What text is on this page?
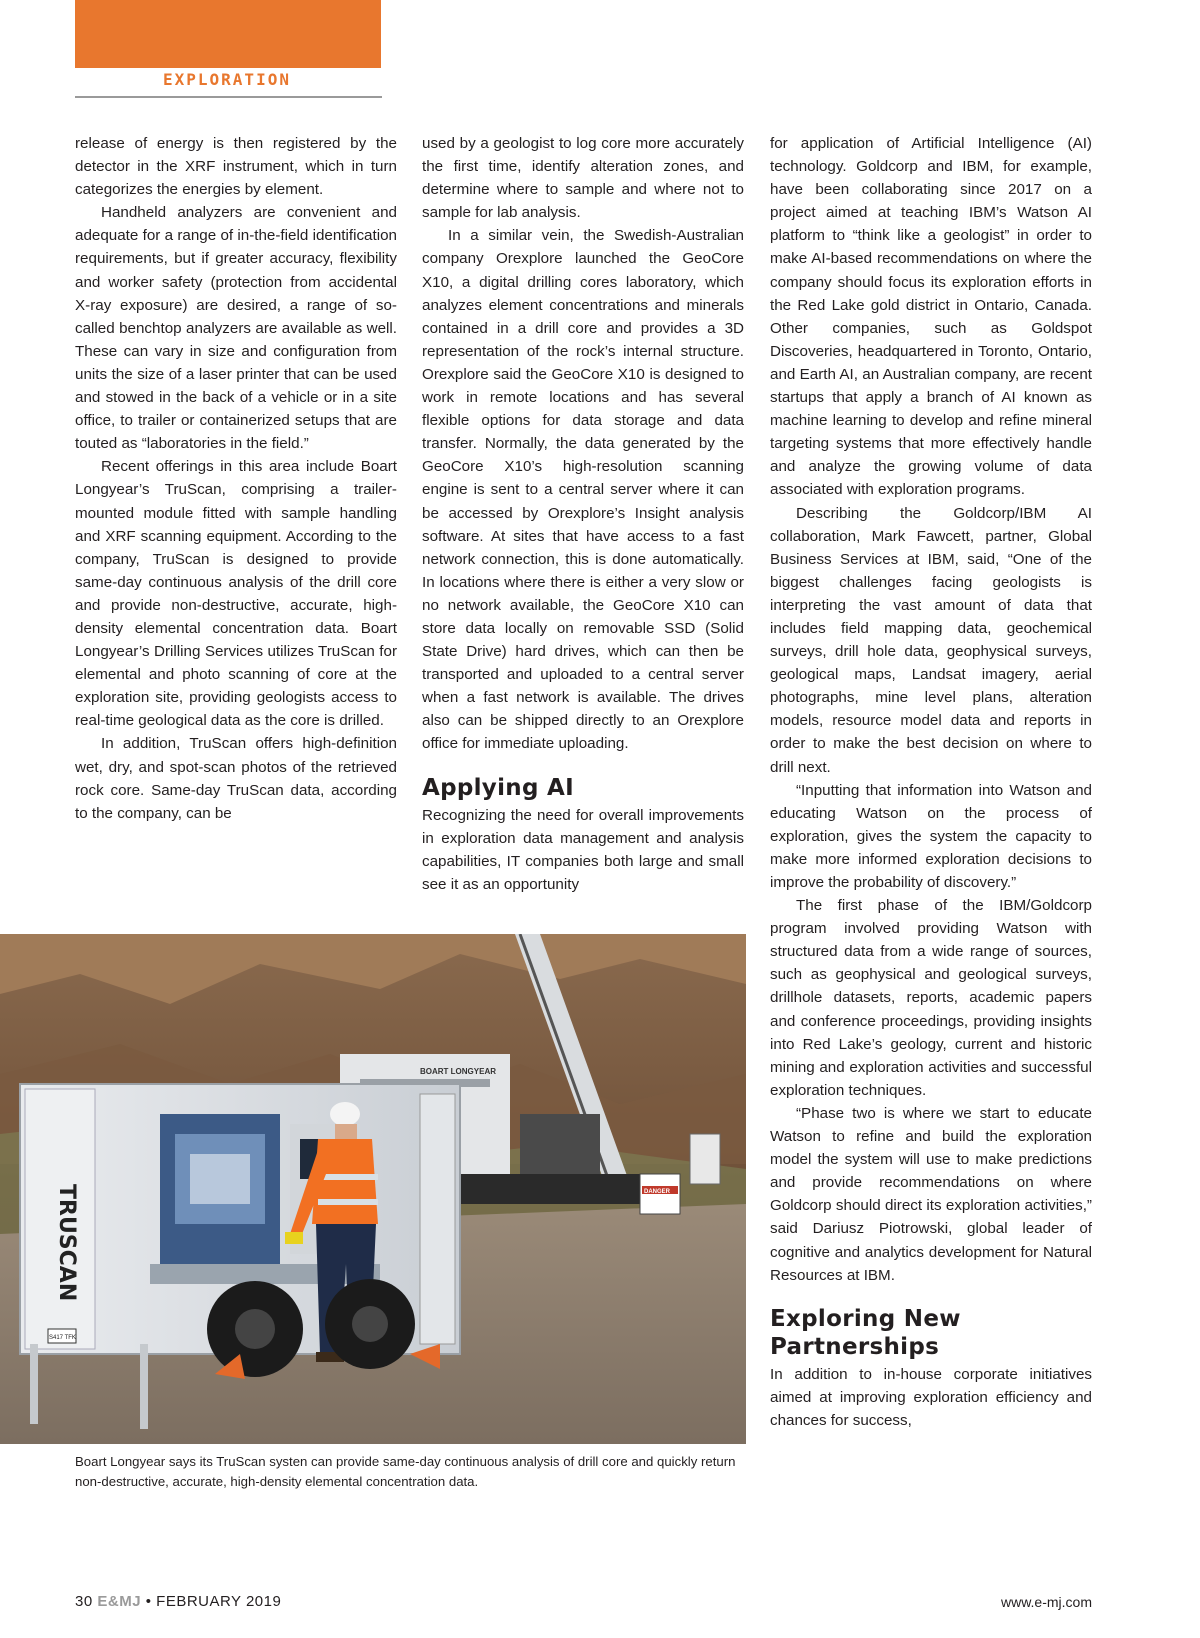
EXPLORATION

release of energy is then registered by the detector in the XRF instrument, which in turn categorizes the energies by element.

Handheld analyzers are convenient and adequate for a range of in-the-field identification requirements, but if greater accuracy, flexibility and worker safety (protection from accidental X-ray exposure) are desired, a range of so-called benchtop analyzers are available as well. These can vary in size and configuration from units the size of a laser printer that can be used and stowed in the back of a vehicle or in a site office, to trailer or containerized setups that are touted as “laboratories in the field.”

Recent offerings in this area include Boart Longyear’s TruScan, comprising a trailer-mounted module fitted with sample handling and XRF scanning equipment. According to the company, TruScan is designed to provide same-day continuous analysis of the drill core and provide non-destructive, accurate, high-density elemental concentration data. Boart Longyear’s Drilling Services utilizes TruScan for elemental and photo scanning of core at the exploration site, providing geologists access to real-time geological data as the core is drilled.

In addition, TruScan offers high-definition wet, dry, and spot-scan photos of the retrieved rock core. Same-day TruScan data, according to the company, can be

used by a geologist to log core more accurately the first time, identify alteration zones, and determine where to sample and where not to sample for lab analysis.

In a similar vein, the Swedish-Australian company Orexplore launched the GeoCore X10, a digital drilling cores laboratory, which analyzes element concentrations and minerals contained in a drill core and provides a 3D representation of the rock’s internal structure. Orexplore said the GeoCore X10 is designed to work in remote locations and has several flexible options for data storage and data transfer. Normally, the data generated by the GeoCore X10’s high-resolution scanning engine is sent to a central server where it can be accessed by Orexplore’s Insight analysis software. At sites that have access to a fast network connection, this is done automatically. In locations where there is either a very slow or no network available, the GeoCore X10 can store data locally on removable SSD (Solid State Drive) hard drives, which can then be transported and uploaded to a central server when a fast network is available. The drives also can be shipped directly to an Orexplore office for immediate uploading.

Applying AI

Recognizing the need for overall improvements in exploration data management and analysis capabilities, IT companies both large and small see it as an opportunity

for application of Artificial Intelligence (AI) technology. Goldcorp and IBM, for example, have been collaborating since 2017 on a project aimed at teaching IBM’s Watson AI platform to “think like a geologist” in order to make AI-based recommendations on where the company should focus its exploration efforts in the Red Lake gold district in Ontario, Canada. Other companies, such as Goldspot Discoveries, headquartered in Toronto, Ontario, and Earth AI, an Australian company, are recent startups that apply a branch of AI known as machine learning to develop and refine mineral targeting systems that more effectively handle and analyze the growing volume of data associated with exploration programs.

Describing the Goldcorp/IBM AI collaboration, Mark Fawcett, partner, Global Business Services at IBM, said, “One of the biggest challenges facing geologists is interpreting the vast amount of data that includes field mapping data, geochemical surveys, drill hole data, geophysical surveys, geological maps, Landsat imagery, aerial photographs, mine level plans, alteration models, resource model data and reports in order to make the best decision on where to drill next.

“Inputting that information into Watson and educating Watson on the process of exploration, gives the system the capacity to make more informed exploration decisions to improve the probability of discovery.”

The first phase of the IBM/Goldcorp program involved providing Watson with structured data from a wide range of sources, such as geophysical and geological surveys, drillhole datasets, reports, academic papers and conference proceedings, providing insights into Red Lake’s geology, current and historic mining and exploration activities and successful exploration techniques.

“Phase two is where we start to educate Watson to refine and build the exploration model the system will use to make predictions and provide recommendations on where Goldcorp should direct its exploration activities,” said Dariusz Piotrowski, global leader of cognitive and analytics development for Natural Resources at IBM.

Exploring New Partnerships

In addition to in-house corporate initiatives aimed at improving exploration efficiency and chances for success,

BOART LONGYEAR
DANGER
TRUSCAN
S417 TFK
Boart Longyear says its TruScan systen can provide same-day continuous analysis of drill core and quickly return non-destructive, accurate, high-density elemental concentration data.
30 E&MJ • FEBRUARY 2019	www.e-mj.com
